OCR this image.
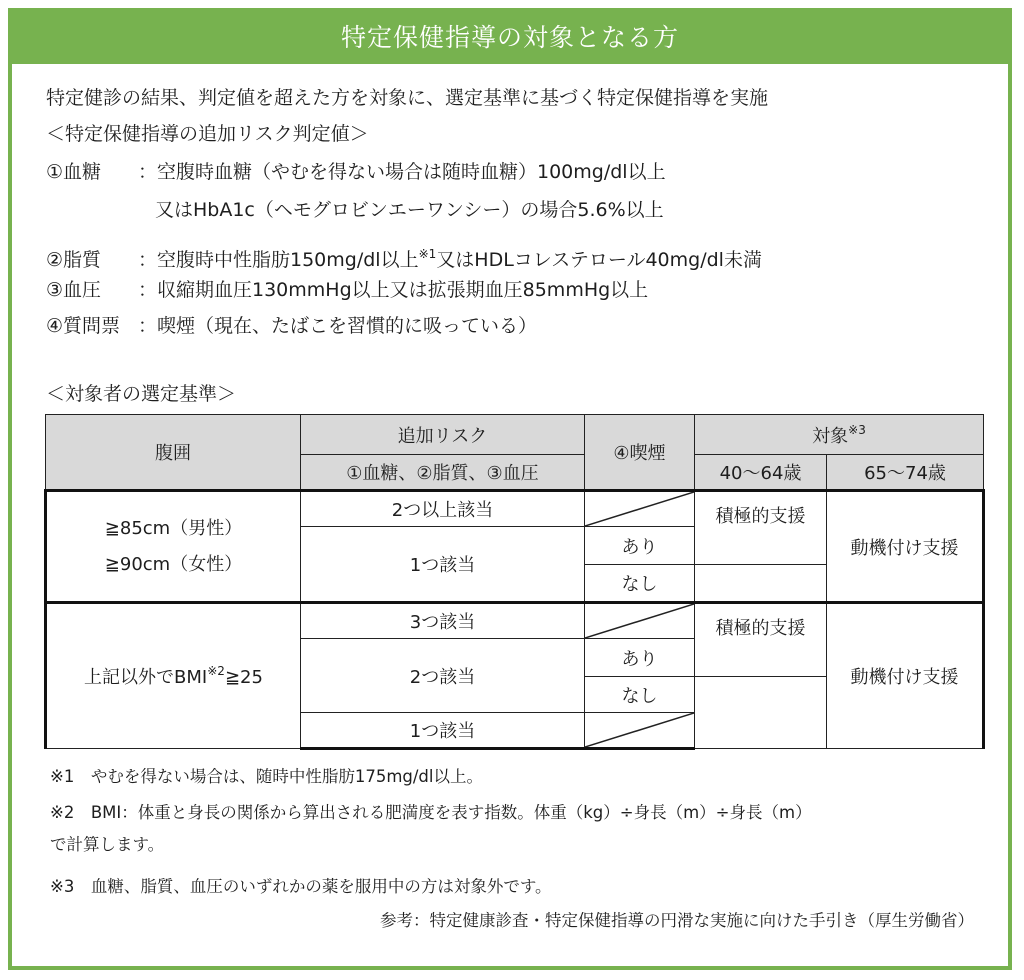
特定保健指導の対象となる方
特定健診の結果、判定値を超えた方を対象に、選定基準に基づく特定保健指導を実施
＜特定保健指導の追加リスク判定値＞
①血糖 ：空腹時血糖（やむを得ない場合は随時血糖）100mg/dl以上
又はHbA1c（ヘモグロビンエーワンシー）の場合5.6%以上
②脂質 ：空腹時中性脂肪150mg/dl以上$^{※1}$又はHDLコレステロール40mg/dl未満
③血圧 ：収縮期血圧130mmHg以上又は拡張期血圧85mmHg以上
④質問票 ：喫煙（現在、たばこを習慣的に吸っている）
＜対象者の選定基準＞
腹囲	追加リスク	④喫煙	対象$^{※3}$
	①血糖、②脂質、③血圧		40〜64歳	65〜74歳

≧85cm（男性）
≧90cm（女性）	2つ以上該当		積極的支援	動機付け支援
	1つ該当	あり		
		なし		
上記以外でBMI$^{※2}$≧25	3つ該当		積極的支援	動機付け支援
	2つ該当	あり		
		なし		
	1つ該当	
※1　やむを得ない場合は、随時中性脂肪175mg/dl以上。
※2　BMI：体重と身長の関係から算出される肥満度を表す指数。体重（kg）÷身長（m）÷身長（m）
で計算します。
※3　血糖、脂質、血圧のいずれかの薬を服用中の方は対象外です。
参考：特定健康診査・特定保健指導の円滑な実施に向けた手引き（厚生労働省）
